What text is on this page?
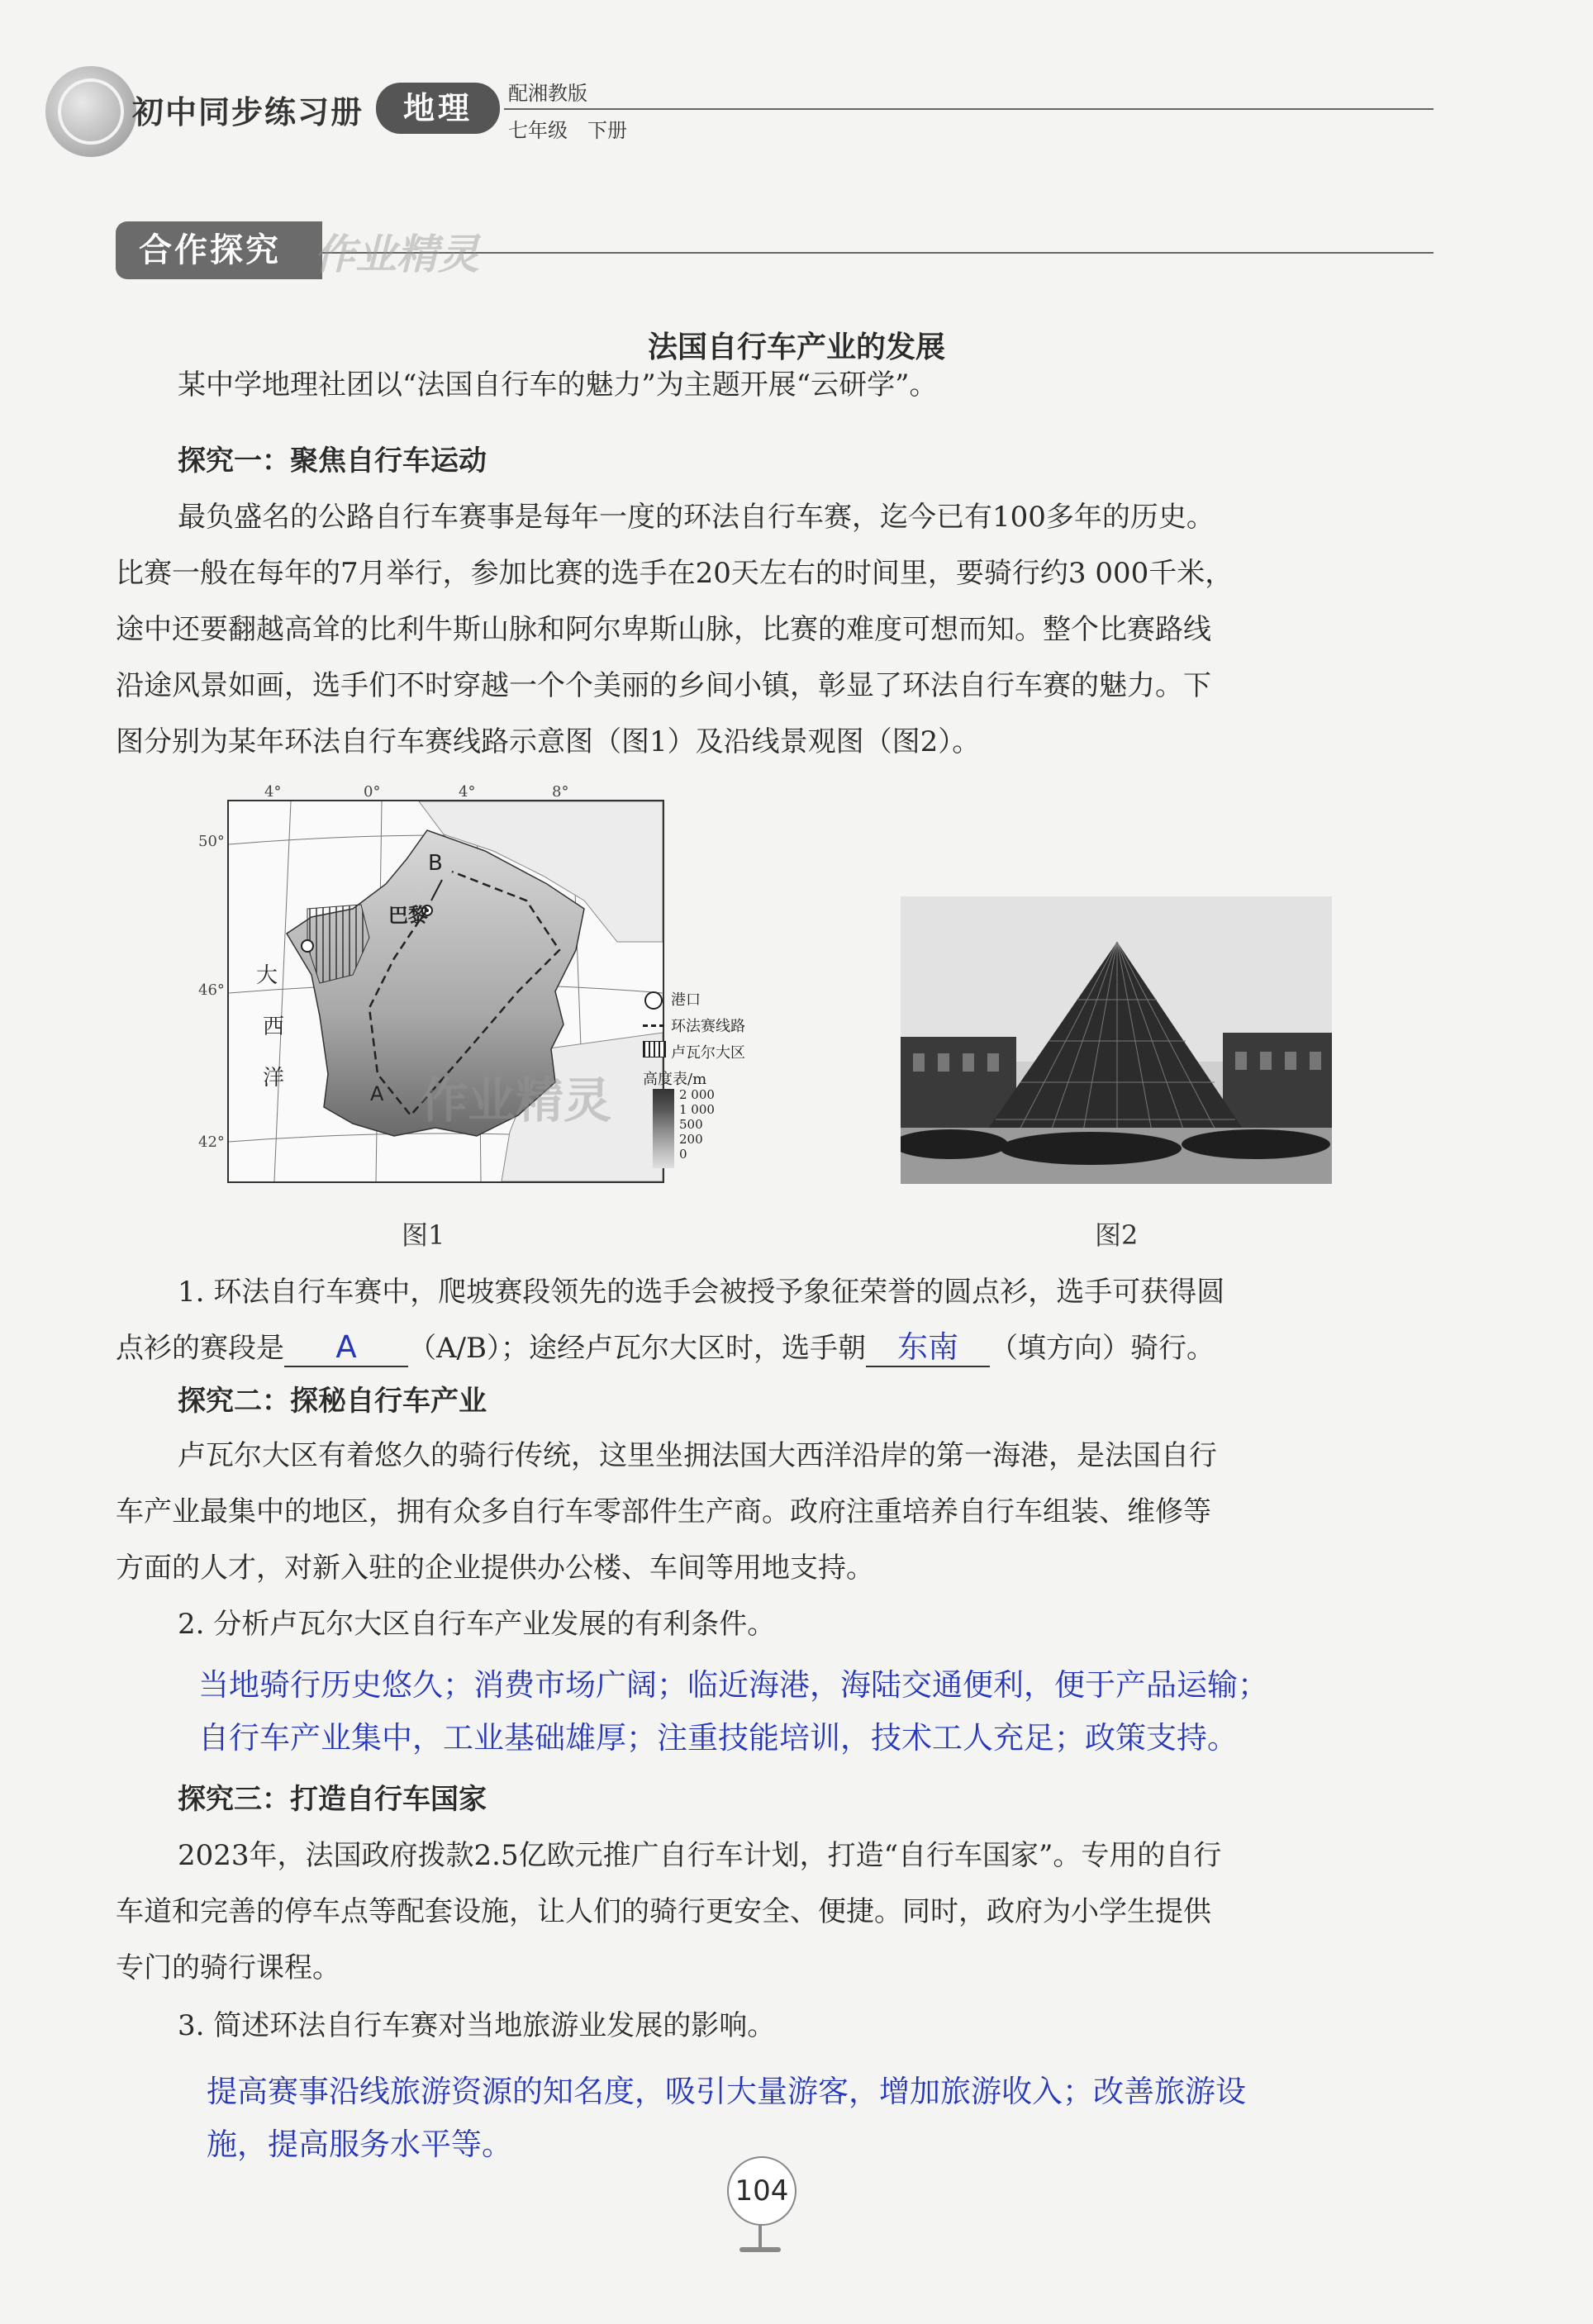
初中同步练习册	地理	配湘教版
七年级　下册
合作探究 作业精灵
法国自行车产业的发展
某中学地理社团以“法国自行车的魅力”为主题开展“云研学”。
探究一：聚焦自行车运动
最负盛名的公路自行车赛事是每年一度的环法自行车赛，迄今已有100多年的历史。
比赛一般在每年的7月举行，参加比赛的选手在20天左右的时间里，要骑行约3 000千米，
途中还要翻越高耸的比利牛斯山脉和阿尔卑斯山脉，比赛的难度可想而知。整个比赛路线
沿途风景如画，选手们不时穿越一个个美丽的乡间小镇，彰显了环法自行车赛的魅力。下
图分别为某年环法自行车赛线路示意图（图1）及沿线景观图（图2）。
4°	0°	4°	8°
50°
46°
42°
B
A
巴黎
大
西
洋	作业精灵
港口
环法赛线路
卢瓦尔大区
高度表/m
2 000
1 000
500
200
0
图1	图2
1. 环法自行车赛中，爬坡赛段领先的选手会被授予象征荣誉的圆点衫，选手可获得圆
点衫的赛段是 A （A/B）；途经卢瓦尔大区时，选手朝 东南 （填方向）骑行。
探究二：探秘自行车产业
卢瓦尔大区有着悠久的骑行传统，这里坐拥法国大西洋沿岸的第一海港，是法国自行
车产业最集中的地区，拥有众多自行车零部件生产商。政府注重培养自行车组装、维修等
方面的人才，对新入驻的企业提供办公楼、车间等用地支持。
2. 分析卢瓦尔大区自行车产业发展的有利条件。
当地骑行历史悠久；消费市场广阔；临近海港，海陆交通便利，便于产品运输；
自行车产业集中，工业基础雄厚；注重技能培训，技术工人充足；政策支持。
探究三：打造自行车国家
2023年，法国政府拨款2.5亿欧元推广自行车计划，打造“自行车国家”。专用的自行
车道和完善的停车点等配套设施，让人们的骑行更安全、便捷。同时，政府为小学生提供
专门的骑行课程。
3. 简述环法自行车赛对当地旅游业发展的影响。
提高赛事沿线旅游资源的知名度，吸引大量游客，增加旅游收入；改善旅游设
施，提高服务水平等。
104
